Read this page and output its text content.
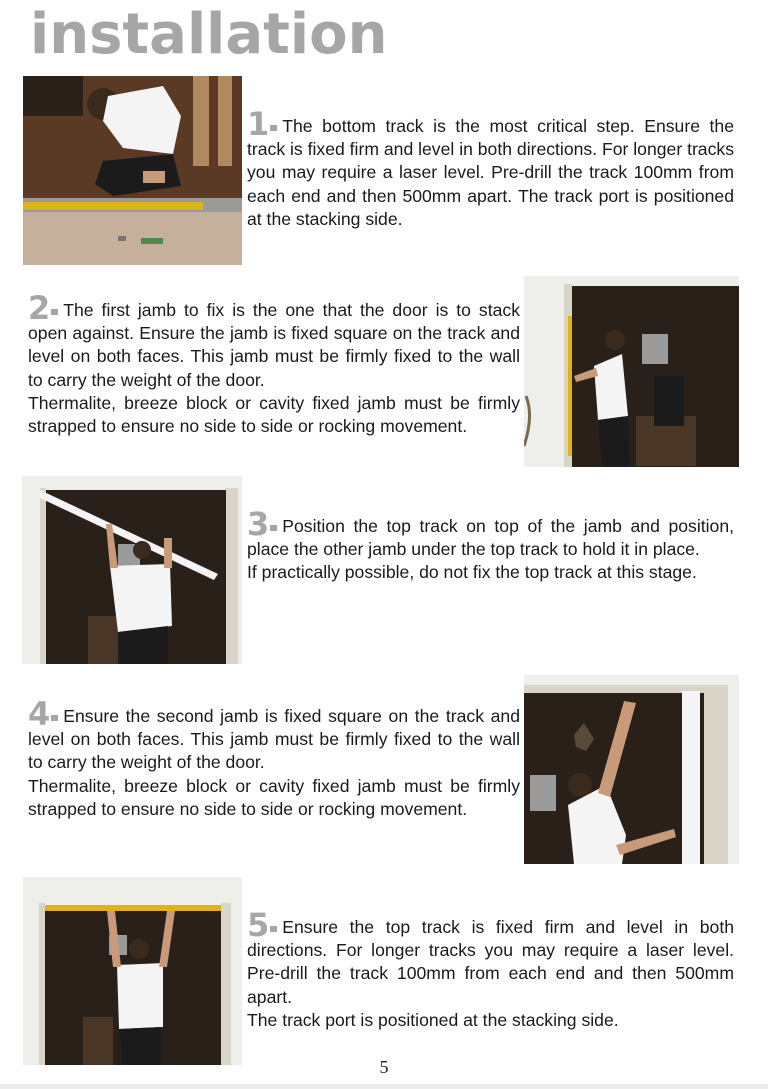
installation

1 The bottom track is the most critical step. Ensure the track is fixed firm and level in both directions. For longer tracks you may require a laser level. Pre-drill the track 100mm from each end and then 500mm apart. The track port is positioned at the stacking side.

2 The first jamb to fix is the one that the door is to stack open against. Ensure the jamb is fixed square on the track and level on both faces. This jamb must be firmly fixed to the wall to carry the weight of the door.

Thermalite, breeze block or cavity fixed jamb must be firmly strapped to ensure no side to side or rocking movement.

3 Position the top track on top of the jamb and position, place the other jamb under the top track to hold it in place.

If practically possible, do not fix the top track at this stage.

4 Ensure the second jamb is fixed square on the track and level on both faces. This jamb must be firmly fixed to the wall to carry the weight of the door.

Thermalite, breeze block or cavity fixed jamb must be firmly strapped to ensure no side to side or rocking movement.

5 Ensure the top track is fixed firm and level in both directions. For longer tracks you may require a laser level. Pre-drill the track 100mm from each end and then 500mm apart.

The track port is positioned at the stacking side.

5
